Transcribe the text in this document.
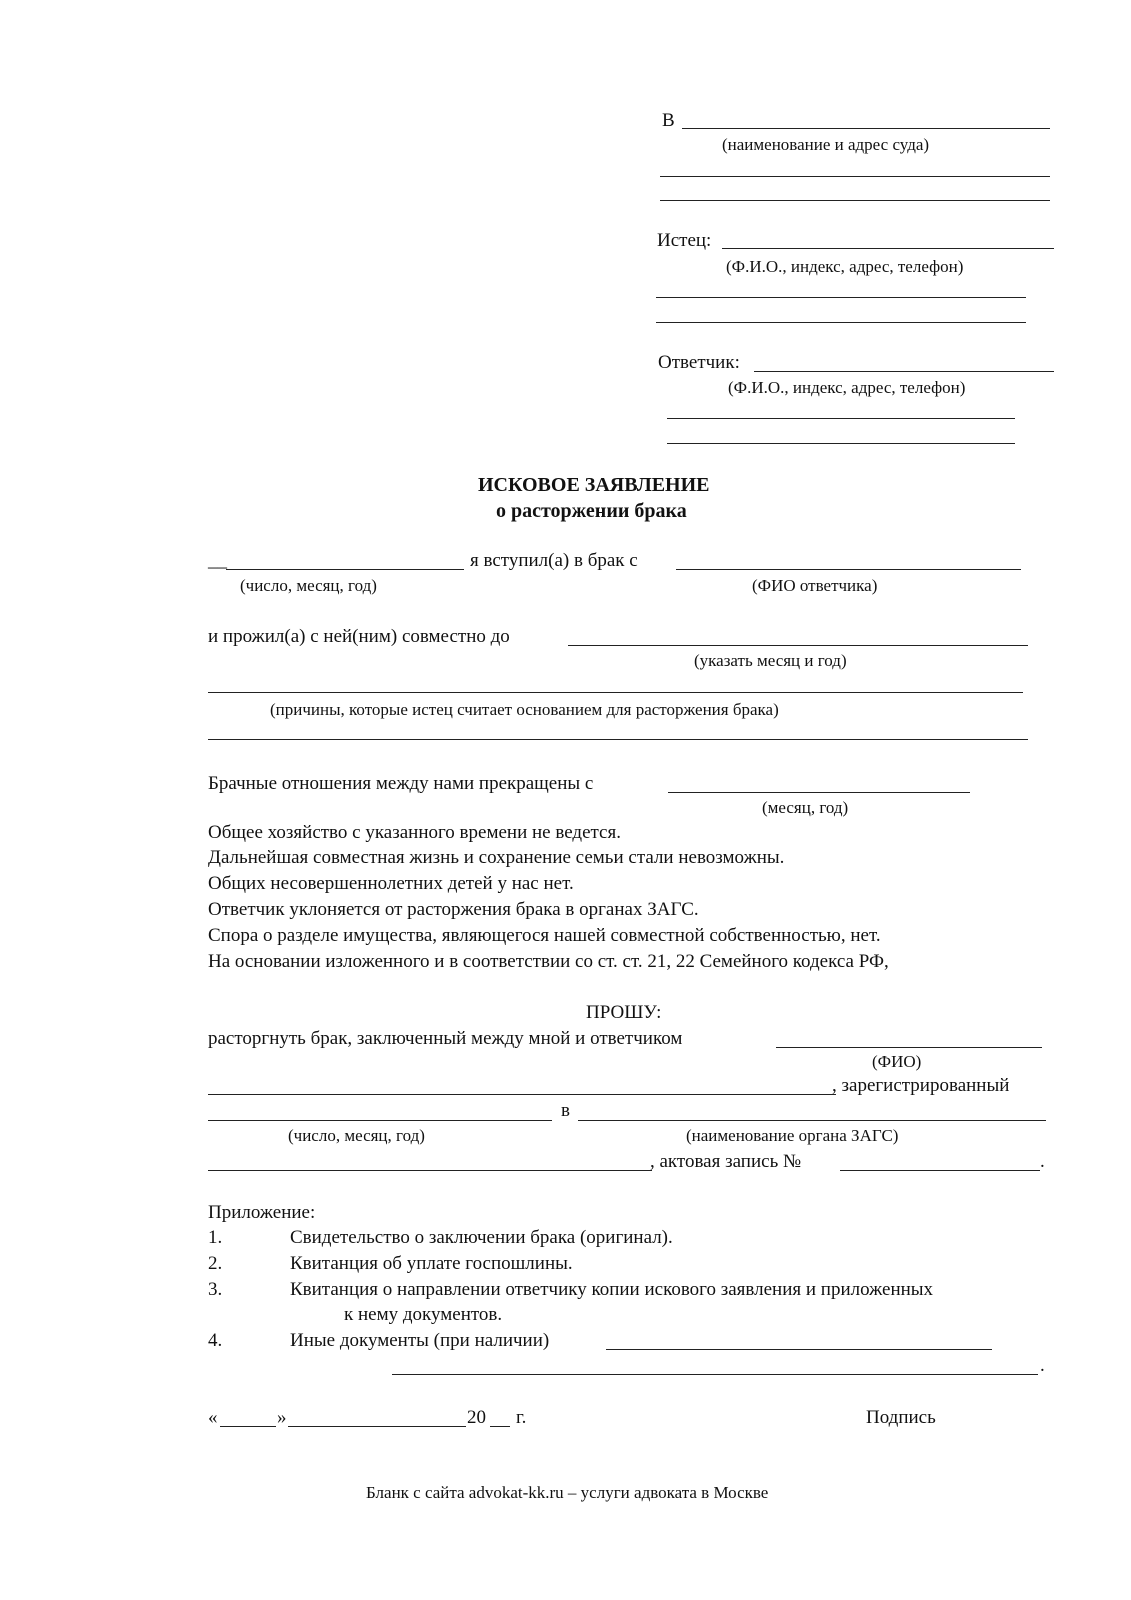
В
(наименование и адрес суда)
Истец:
(Ф.И.О., индекс, адрес, телефон)
Ответчик:
(Ф.И.О., индекс, адрес, телефон)
ИСКОВОЕ ЗАЯВЛЕНИЕ
о расторжении брака
__	я вступил(а) в брак с
(число, месяц, год)	(ФИО ответчика)
и прожил(а) с ней(ним) совместно до
(указать месяц и год)
(причины, которые истец считает основанием для расторжения брака)
Брачные отношения между нами прекращены с
(месяц, год)
Общее хозяйство с указанного времени не ведется.
Дальнейшая совместная жизнь и сохранение семьи стали невозможны.
Общих несовершеннолетних детей у нас нет.
Ответчик уклоняется от расторжения брака в органах ЗАГС.
Спора о разделе имущества, являющегося нашей совместной собственностью, нет.
На основании изложенного и в соответствии со ст. ст. 21, 22 Семейного кодекса РФ,
ПРОШУ:
расторгнуть брак, заключенный между мной и ответчиком
(ФИО)
, зарегистрированный
в
(число, месяц, год)	(наименование органа ЗАГС)
, актовая запись №	.
Приложение:
1.	Свидетельство о заключении брака (оригинал).
2.	Квитанция об уплате госпошлины.
3.	Квитанция о направлении ответчику копии искового заявления и приложенных
к нему документов.
4.	Иные документы (при наличии)
.
«	»	20 г.	Подпись
Бланк с сайта advokat-kk.ru – услуги адвоката в Москве
